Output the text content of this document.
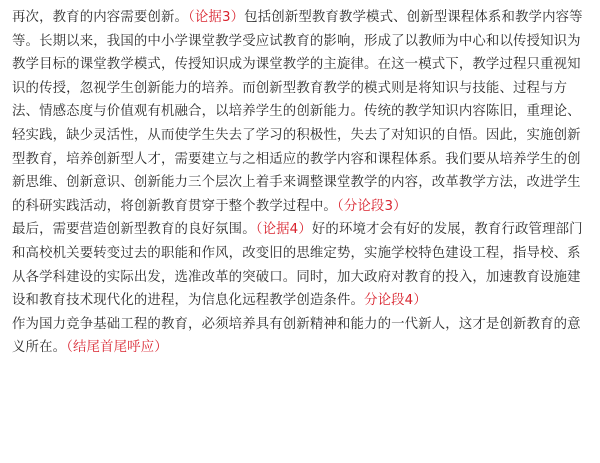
再次，教育的内容需要创新。（论据3）包括创新型教育教学模式、创新型课程体系和教学内容等
等。长期以来，我国的中小学课堂教学受应试教育的影响，形成了以教师为中心和以传授知识为
教学目标的课堂教学模式，传授知识成为课堂教学的主旋律。在这一模式下，教学过程只重视知
识的传授，忽视学生创新能力的培养。而创新型教育教学的模式则是将知识与技能、过程与方
法、情感态度与价值观有机融合，以培养学生的创新能力。传统的教学知识内容陈旧，重理论、
轻实践，缺少灵活性，从而使学生失去了学习的积极性，失去了对知识的自悟。因此，实施创新
型教育，培养创新型人才，需要建立与之相适应的教学内容和课程体系。我们要从培养学生的创
新思维、创新意识、创新能力三个层次上着手来调整课堂教学的内容，改革教学方法，改进学生
的科研实践活动，将创新教育贯穿于整个教学过程中。（分论段3）
最后，需要营造创新型教育的良好氛围。（论据4）好的环境才会有好的发展，教育行政管理部门
和高校机关要转变过去的职能和作风，改变旧的思维定势，实施学校特色建设工程，指导校、系
从各学科建设的实际出发，选准改革的突破口。同时，加大政府对教育的投入，加速教育设施建
设和教育技术现代化的进程，为信息化远程教学创造条件。分论段4）
作为国力竞争基础工程的教育，必须培养具有创新精神和能力的一代新人，这才是创新教育的意
义所在。（结尾首尾呼应）
